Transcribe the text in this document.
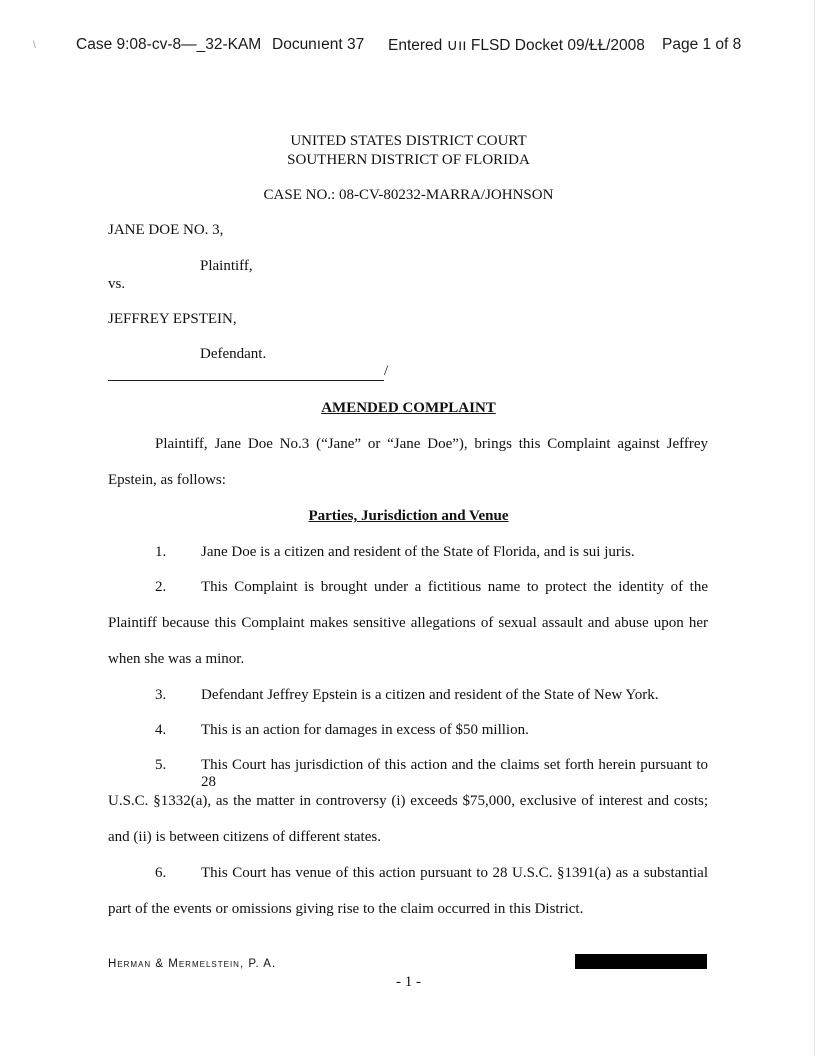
\	Case 9:08-cv-8—_32-KAM Docunıent 37 Entered ∪ıı FLSD Docket 09/ⱢⱢ/2008 Page 1 of 8
UNITED STATES DISTRICT COURT
SOUTHERN DISTRICT OF FLORIDA
CASE NO.: 08-CV-80232-MARRA/JOHNSON
JANE DOE NO. 3,
Plaintiff,
vs.
JEFFREY EPSTEIN,
Defendant.
/
AMENDED COMPLAINT
Plaintiff, Jane Doe No.3 (“Jane” or “Jane Doe”), brings this Complaint against Jeffrey
Epstein, as follows:
Parties, Jurisdiction and Venue
1. Jane Doe is a citizen and resident of the State of Florida, and is sui juris.
2. This Complaint is brought under a fictitious name to protect the identity of the
Plaintiff because this Complaint makes sensitive allegations of sexual assault and abuse upon her
when she was a minor.
3. Defendant Jeffrey Epstein is a citizen and resident of the State of New York.
4. This is an action for damages in excess of $50 million.
5. This Court has jurisdiction of this action and the claims set forth herein pursuant to 28
U.S.C. §1332(a), as the matter in controversy (i) exceeds $75,000, exclusive of interest and costs;
and (ii) is between citizens of different states.
6. This Court has venue of this action pursuant to 28 U.S.C. §1391(a) as a substantial
part of the events or omissions giving rise to the claim occurred in this District.
Herman & Mermelstein, P. A.
- 1 -
